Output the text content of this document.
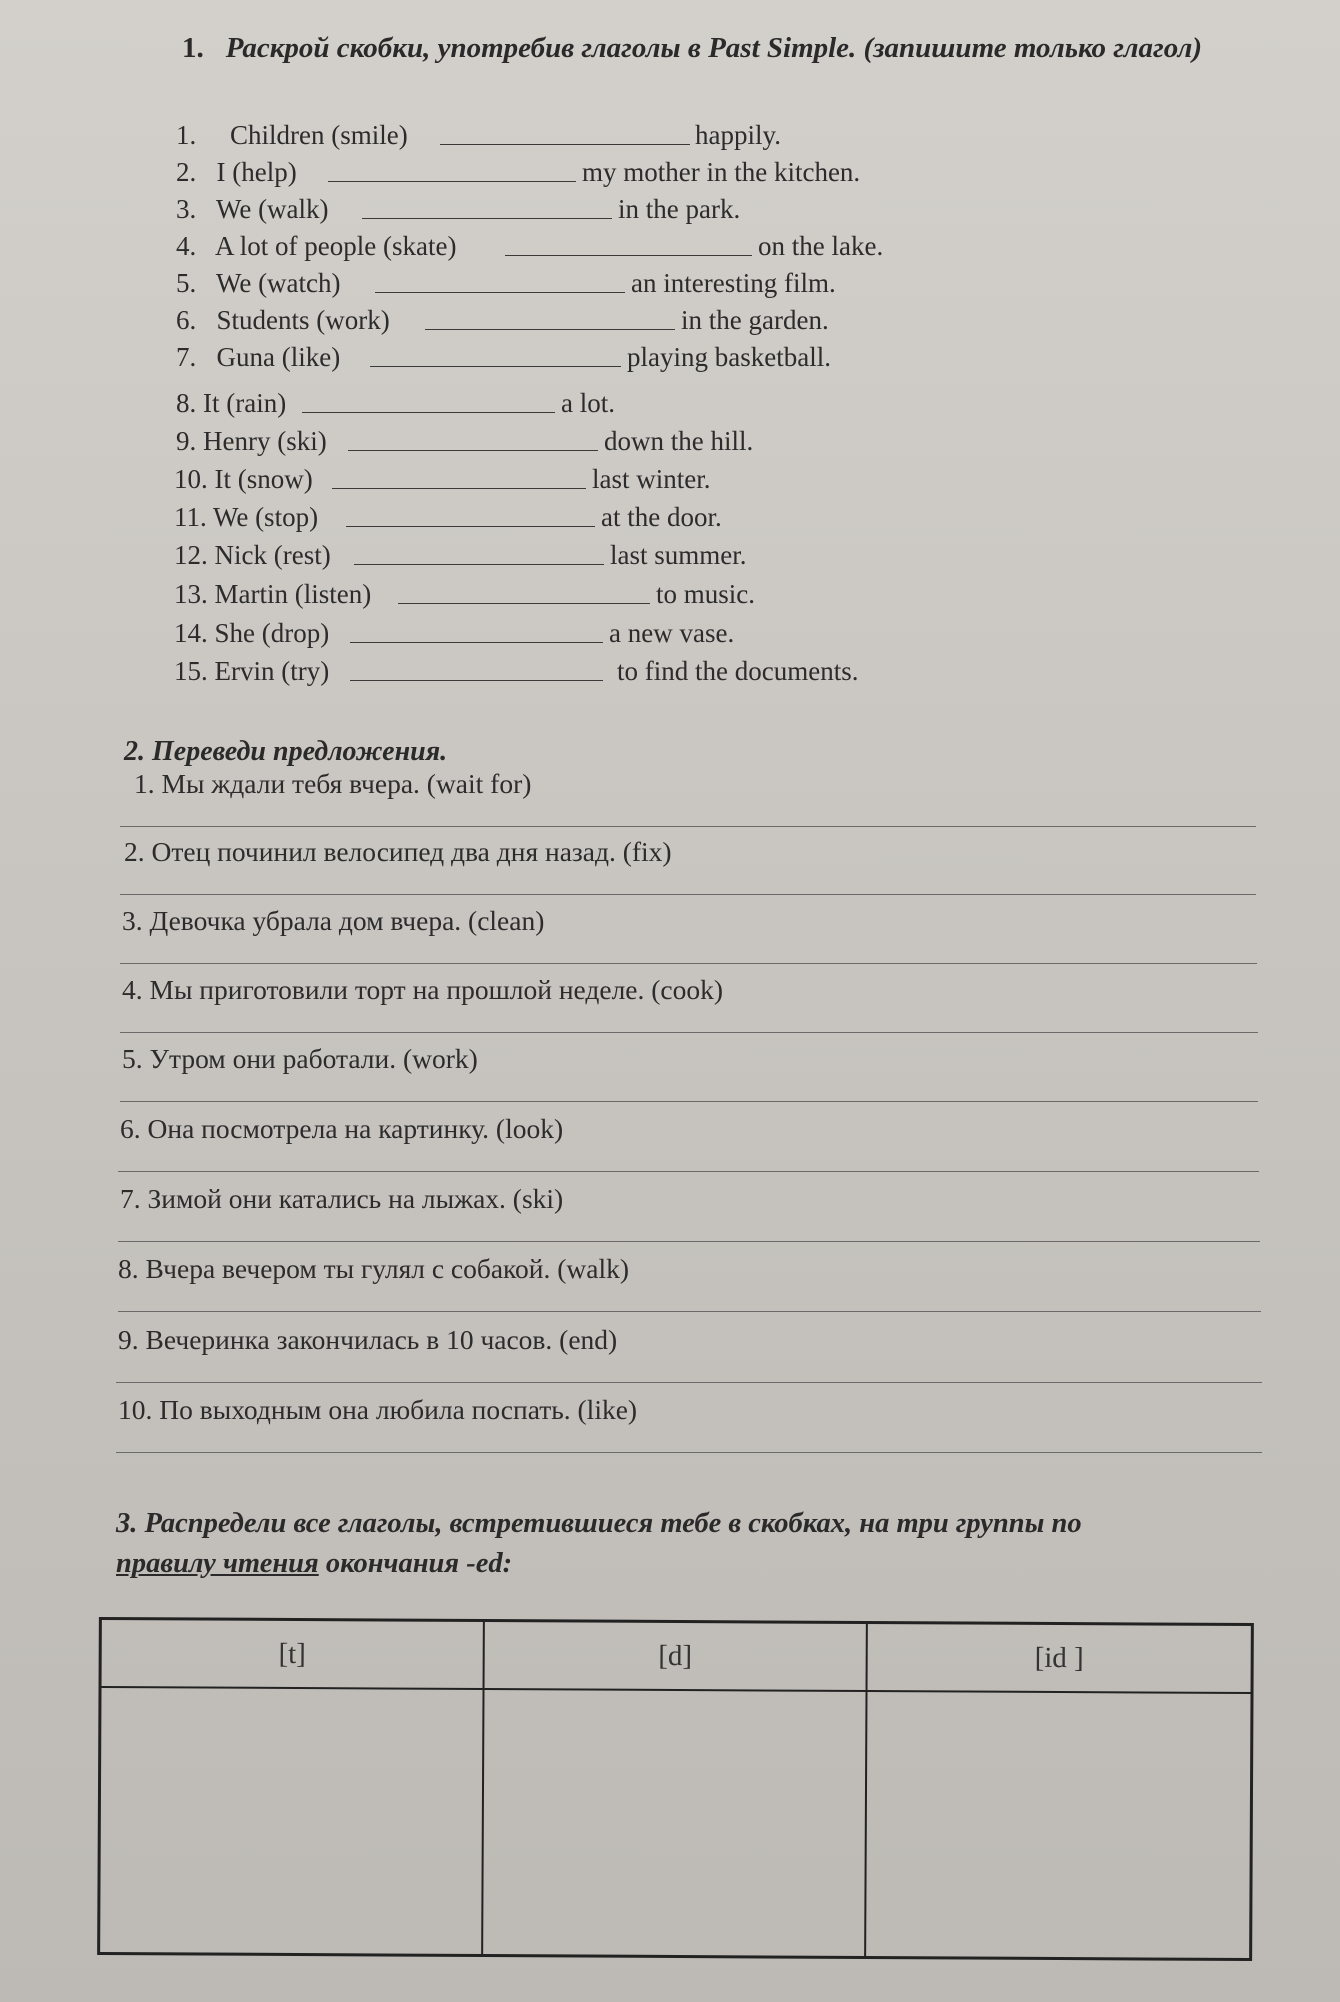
1. Раскрой скобки, употребив глаголы в Past Simple. (запишите только глагол)
1.     Children (smile)	happily.
2.   I (help)	my mother in the kitchen.
3.   We (walk)	in the park.
4.   A lot of people (skate)	on the lake.
5.   We (watch)	an interesting film.
6.   Students (work)	in the garden.
7.   Guna (like)	playing basketball.
8. It (rain)	a lot.
9. Henry (ski)	down the hill.
10. It (snow)	last winter.
11. We (stop)	at the door.
12. Nick (rest)	last summer.
13. Martin (listen)	to music.
14. She (drop)	a new vase.
15. Ervin (try)	to find the documents.
2. Переведи предложения.
1. Мы ждали тебя вчера. (wait for)
2. Отец починил велосипед два дня назад. (fix)
3. Девочка убрала дом вчера. (clean)
4. Мы приготовили торт на прошлой неделе. (cook)
5. Утром они работали. (work)
6. Она посмотрела на картинку. (look)
7. Зимой они катались на лыжах. (ski)
8. Вчера вечером ты гулял с собакой. (walk)
9. Вечеринка закончилась в 10 часов. (end)
10. По выходным она любила поспать. (like)
3. Распредели все глаголы, встретившиеся тебе в скобках, на три группы по
правилу чтения окончания -ed:
[t]	[d]	[id ]
